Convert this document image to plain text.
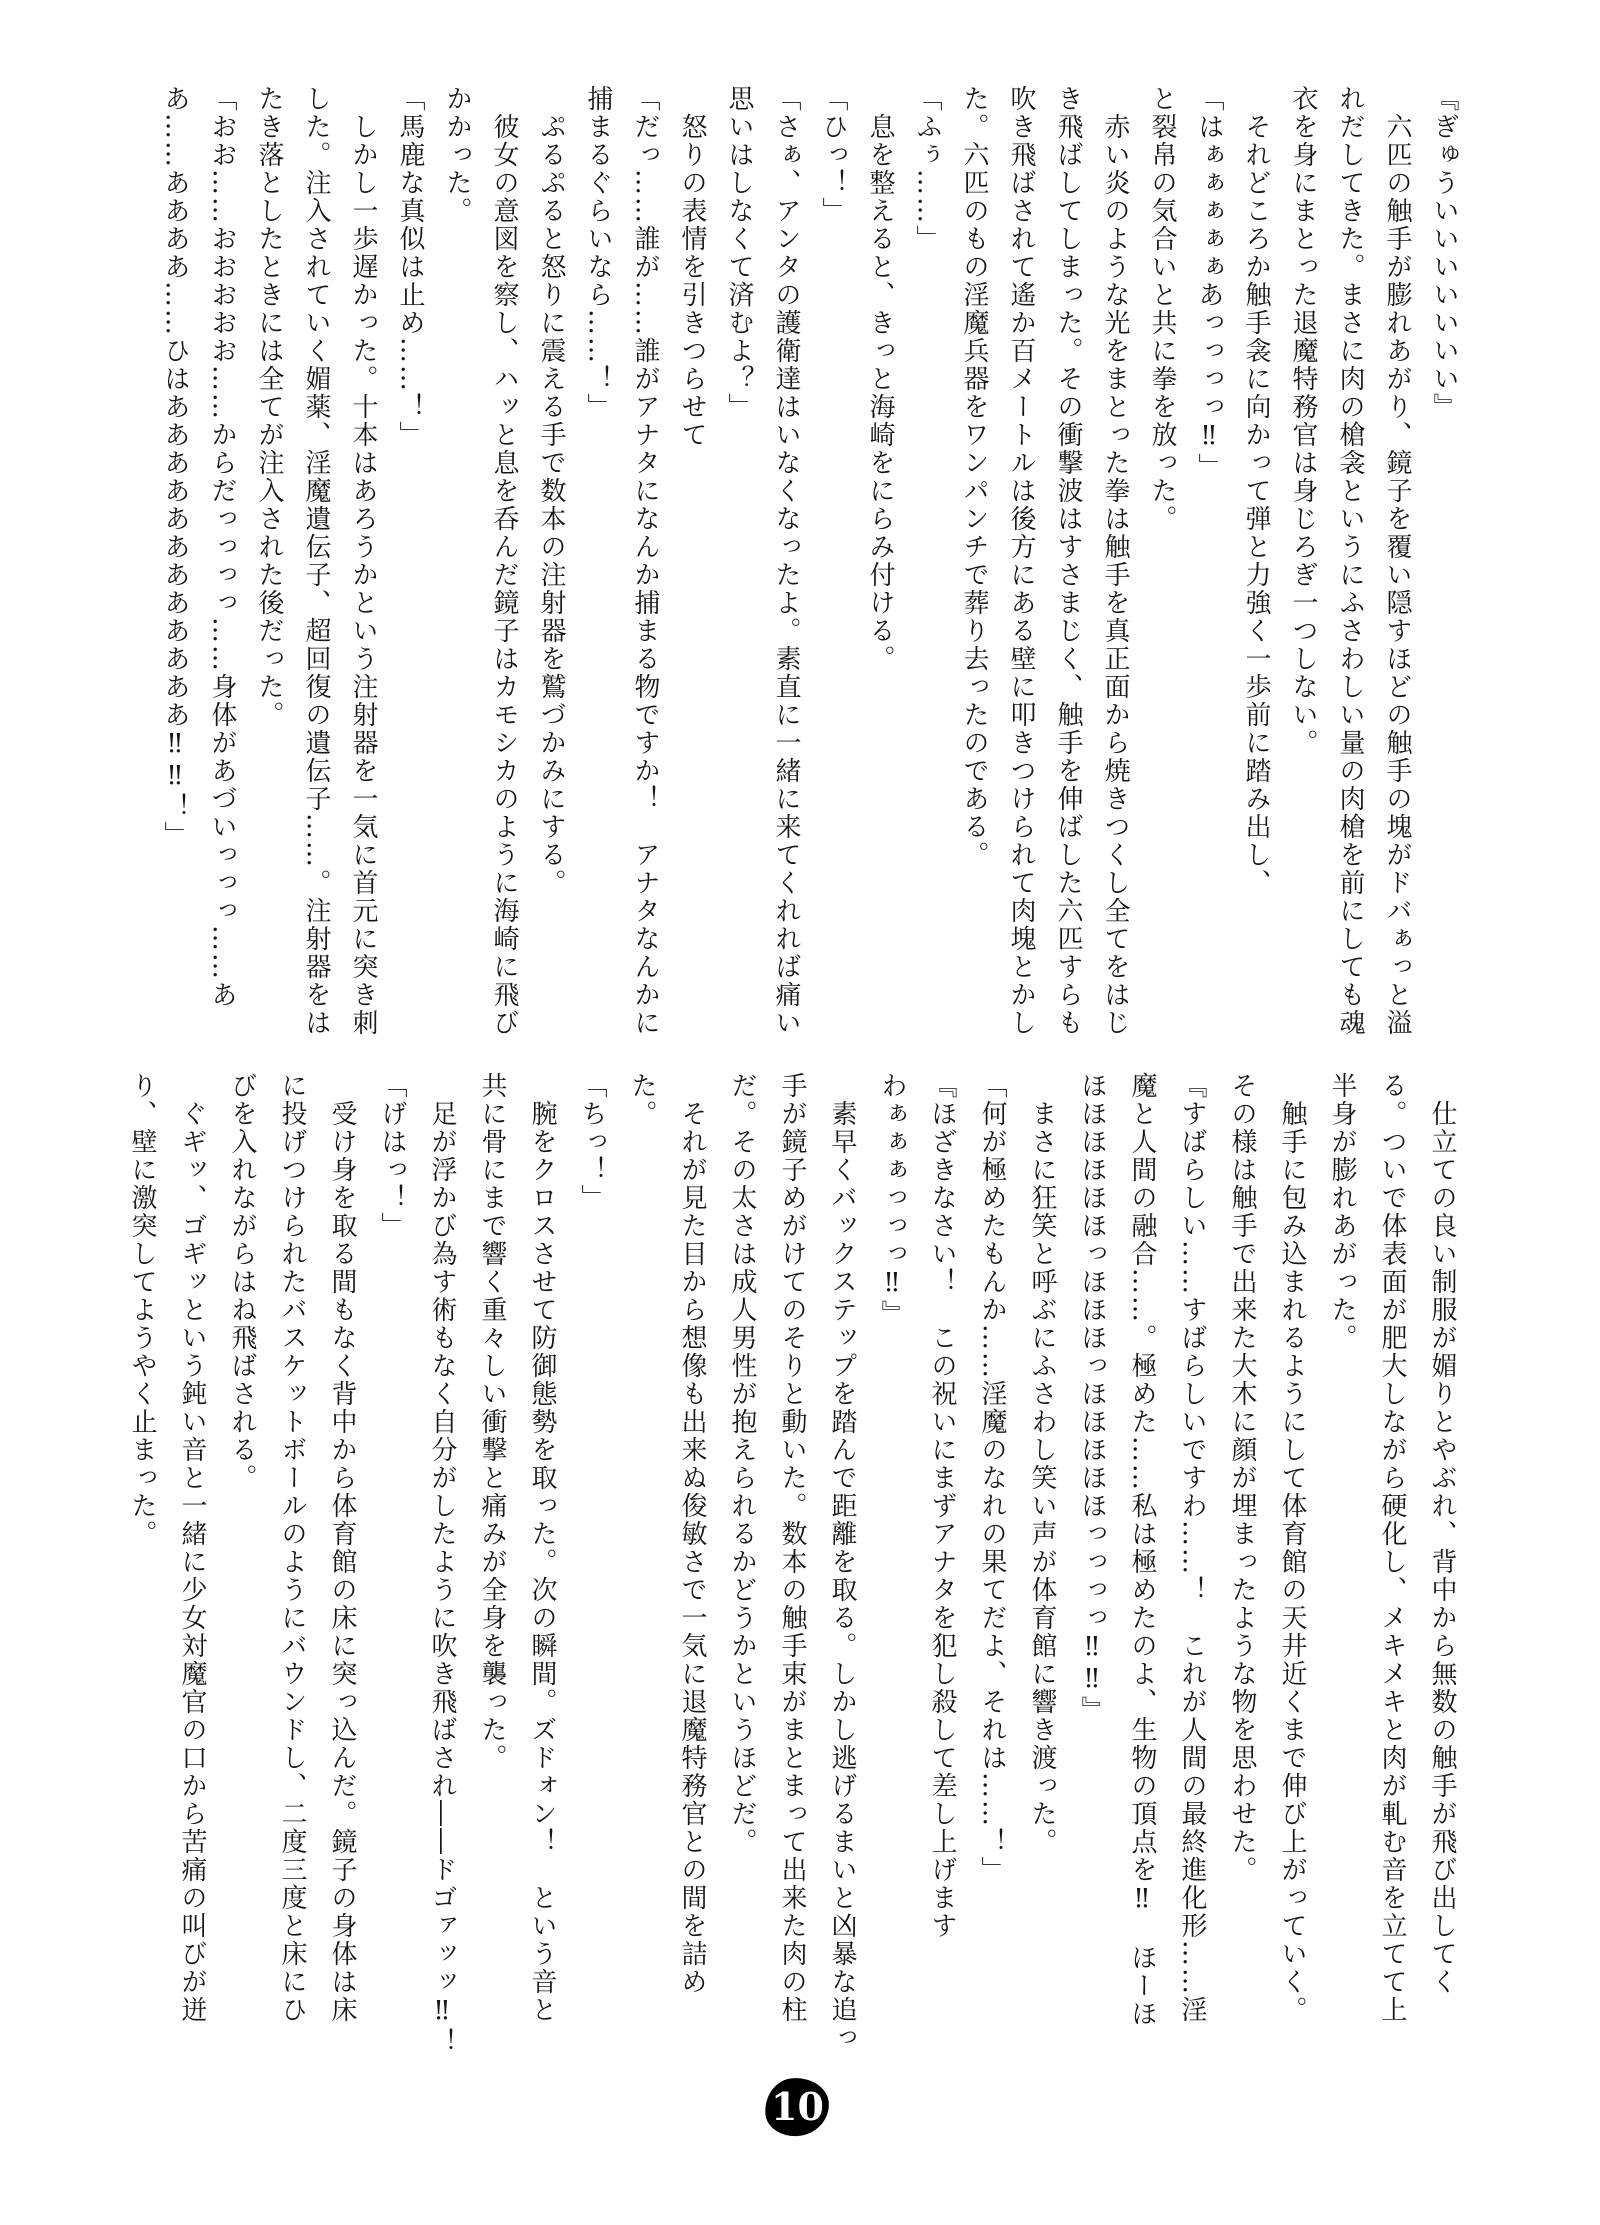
『ぎゅういいいいいいい』

　六匹の触手が膨れあがり、鏡子を覆い隠すほどの触手の塊がドバぁっと溢

れだしてきた。まさに肉の槍衾というにふさわしい量の肉槍を前にしても魂

衣を身にまとった退魔特務官は身じろぎ一つしない。

　それどころか触手衾に向かって弾と力強く一歩前に踏み出し、

「はぁぁぁぁぁあっっっっ‼」

と裂帛の気合いと共に拳を放った。

　赤い炎のような光をまとった拳は触手を真正面から焼きつくし全てをはじ

き飛ばしてしまった。その衝撃波はすさまじく、触手を伸ばした六匹すらも

吹き飛ばされて遙か百メートルは後方にある壁に叩きつけられて肉塊とかし

た。六匹のもの淫魔兵器をワンパンチで葬り去ったのである。

「ふぅ……」

　息を整えると、きっと海崎をにらみ付ける。

「ひっ！」

「さぁ、アンタの護衛達はいなくなったよ。素直に一緒に来てくれれば痛い

思いはしなくて済むよ？」

　怒りの表情を引きつらせて

「だっ……誰が……誰がアナタになんか捕まる物ですか！　アナタなんかに

捕まるぐらいなら……！」

　ぷるぷると怒りに震える手で数本の注射器を鷲づかみにする。

　彼女の意図を察し、ハッと息を呑んだ鏡子はカモシカのように海崎に飛び

かかった。

「馬鹿な真似は止め……！」

　しかし一歩遅かった。十本はあろうかという注射器を一気に首元に突き刺

した。注入されていく媚薬、淫魔遺伝子、超回復の遺伝子……。注射器をは

たき落としたときには全てが注入された後だった。

「おお……おおおおお……からだっっっっ……身体があづいっっっ……あ

あ……ああああ……ひはああああああああああああ‼‼！」

　仕立ての良い制服が媚りとやぶれ、背中から無数の触手が飛び出してく

る。ついで体表面が肥大しながら硬化し、メキメキと肉が軋む音を立てて上

半身が膨れあがった。

　触手に包み込まれるようにして体育館の天井近くまで伸び上がっていく。

その様は触手で出来た大木に顔が埋まったような物を思わせた。

『すばらしい……すばらしいですわ……！　これが人間の最終進化形……淫

魔と人間の融合……。極めた……私は極めたのよ、生物の頂点を‼　ほーほ

ほほほほほほっほほほっほほほほほっっっっ‼‼』

　まさに狂笑と呼ぶにふさわし笑い声が体育館に響き渡った。

「何が極めたもんか……淫魔のなれの果てだよ、それは……！」

『ほざきなさい！　この祝いにまずアナタを犯し殺して差し上げます

わぁぁぁっっっ‼』

　素早くバックステップを踏んで距離を取る。しかし逃げるまいと凶暴な追っ

手が鏡子めがけてのそりと動いた。数本の触手束がまとまって出来た肉の柱

だ。その太さは成人男性が抱えられるかどうかというほどだ。

　それが見た目から想像も出来ぬ俊敏さで一気に退魔特務官との間を詰め

た。

「ちっ！」

　腕をクロスさせて防御態勢を取った。次の瞬間。ズドォン！　という音と

共に骨にまで響く重々しい衝撃と痛みが全身を襲った。

　足が浮かび為す術もなく自分がしたように吹き飛ばされ――ドゴァッッ‼！

「げはっ！」

　受け身を取る間もなく背中から体育館の床に突っ込んだ。鏡子の身体は床

に投げつけられたバスケットボールのようにバウンドし、二度三度と床にひ

びを入れながらはね飛ばされる。

　ぐギッ、ゴギッという鈍い音と一緒に少女対魔官の口から苦痛の叫びが迸

り、壁に激突してようやく止まった。

10
